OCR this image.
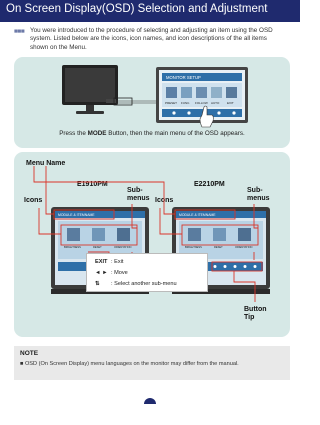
On Screen Display(OSD) Selection and Adjustment
■■■ You were introduced to the procedure of selecting and adjusting an item using the OSD system. Listed below are the icons, icon names, and icon descriptions of the all items shown on the Menu.
MONITOR SETUP
PRESET FUNC. FOLLOW AUTO	EXIT
Press the MODE Button, then the main menu of the OSD appears.
Menu Name
E1910PM	E2210PM
Icons
Sub-
menus Icons
Sub-
menus
Button
Tip
MODULE & ITEMNAME
BRIGHTNESS	RESET	ORIENTATION
MODULE & ITEMNAME
BRIGHTNESS	RESET	ORIENTATION
EXIT : Exit
◄ ► : Move
⇅ : Select another sub-menu
NOTE
■ OSD (On Screen Display) menu languages on the monitor may differ from the manual.
